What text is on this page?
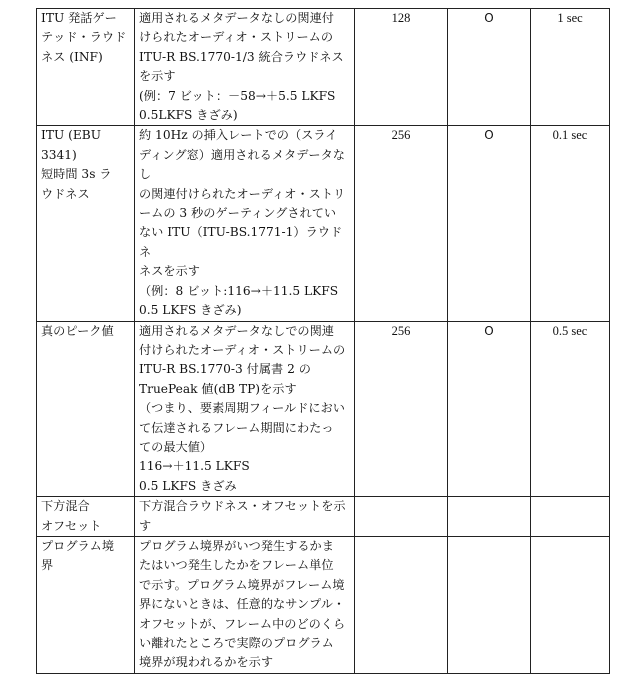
ITU 発話ゲー
テッド・ラウド
ネス (INF)

適用されるメタデータなしの関連付
けられたオーディオ・ストリームの
ITU-R BS.1770-1/3 統合ラウドネス
を示す
(例：7 ビット：－58→＋5.5 LKFS
0.5LKFS きざみ)
	128	O	1 sec

ITU (EBU
3341)
短時間 3s ラ
ウドネス

約 10Hz の挿入レートでの（スライ
ディング窓）適用されるメタデータなし
の関連付けられたオーディオ・ストリ
ームの 3 秒のゲーティングされてい
ない ITU（ITU-BS.1771-1）ラウドネ
ネスを示す
（例：8 ビット:116→＋11.5 LKFS
0.5 LKFS きざみ)
	256	O	0.1 sec

真のピーク値	適用されるメタデータなしでの関連
付けられたオーディオ・ストリームの
ITU-R BS.1770-3 付属書 2 の
TruePeak 値(dB TP)を示す
（つまり、要素周期フィールドにおい
て伝達されるフレーム期間にわたっ
ての最大値）
116→＋11.5 LKFS
0.5 LKFS きざみ
	256	O	0.5 sec

下方混合
オフセット

下方混合ラウドネス・オフセットを示す

プログラム境
界

プログラム境界がいつ発生するかま
たはいつ発生したかをフレーム単位
で示す。プログラム境界がフレーム境
界にないときは、任意的なサンプル・
オフセットが、フレーム中のどのくら
い離れたところで実際のプログラム
境界が現われるかを示す
